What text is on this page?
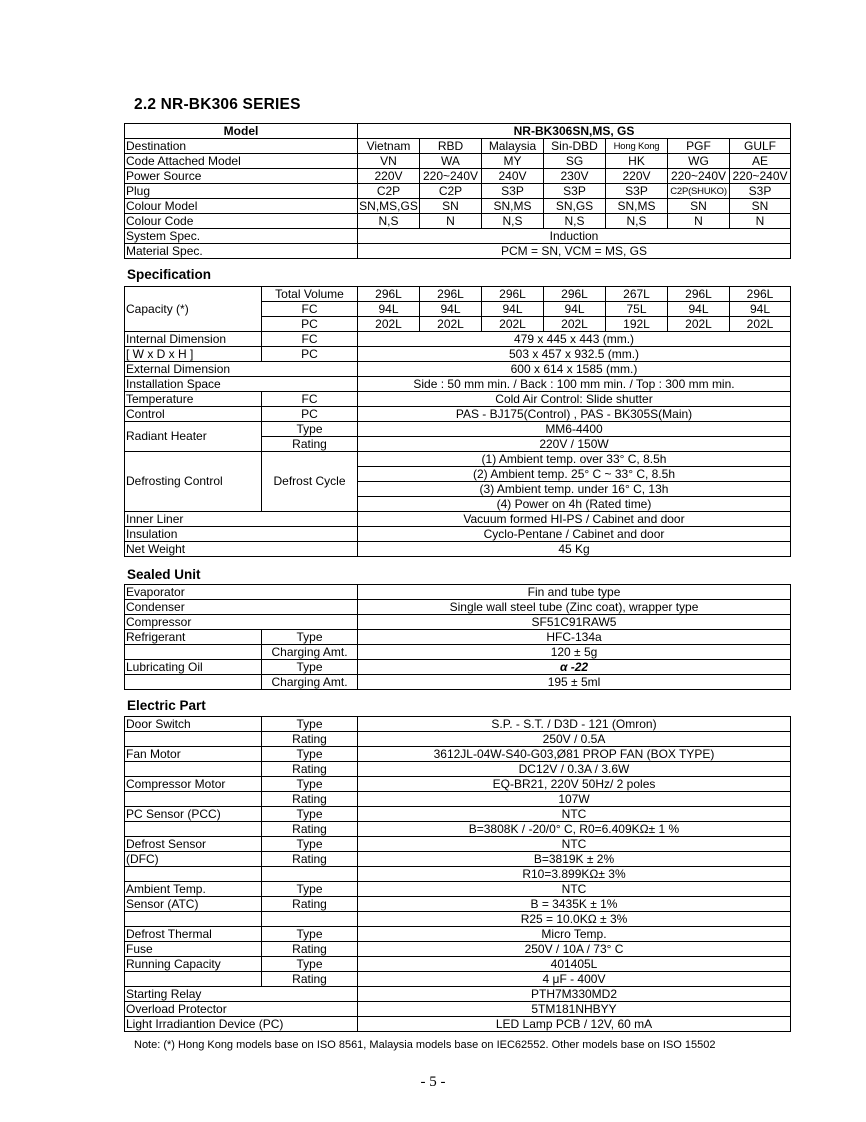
2.2 NR-BK306 SERIES
Model	NR-BK306SN,MS, GS						
Destination	Vietnam	RBD	Malaysia	Sin-DBD	Hong Kong	PGF	GULF
Code Attached Model	VN	WA	MY	SG	HK	WG	AE
Power Source	220V	220~240V	240V	230V	220V	220~240V	220~240V
Plug	C2P	C2P	S3P	S3P	S3P	C2P(SHUKO)	S3P
Colour Model	SN,MS,GS	SN	SN,MS	SN,GS	SN,MS	SN	SN
Colour Code	N,S	N	N,S	N,S	N,S	N	N
System Spec.	Induction						
Material Spec.	PCM = SN, VCM = MS, GS						
Specification
Capacity (*)	Total Volume	296L	296L	296L	296L	267L	296L	296L
	FC	94L	94L	94L	94L	75L	94L	94L
	PC	202L	202L	202L	202L	192L	202L	202L
Internal Dimension	FC	479 x 445 x 443 (mm.)						
[ W x D x H ]	PC	503 x 457 x 932.5 (mm.)						
External Dimension		600 x 614 x 1585 (mm.)						
Installation Space		Side : 50 mm min. / Back : 100 mm min. / Top : 300 mm min.						
Temperature	FC	Cold Air Control: Slide shutter						
Control	PC	PAS - BJ175(Control) , PAS - BK305S(Main)						
Radiant Heater	Type	MM6-4400						
	Rating	220V / 150W						
Defrosting Control	Defrost Cycle	(1) Ambient temp. over 33° C, 8.5h						
		(2) Ambient temp. 25° C ~ 33° C, 8.5h						
		(3) Ambient temp. under 16° C, 13h						
		(4) Power on 4h (Rated time)						
Inner Liner		Vacuum formed HI-PS / Cabinet and door						
Insulation		Cyclo-Pentane / Cabinet and door						
Net Weight		45 Kg						
Sealed Unit
Evaporator		Fin and tube type
Condenser		Single wall steel tube (Zinc coat), wrapper type
Compressor		SF51C91RAW5
Refrigerant	Type	HFC-134a
	Charging Amt.	120 ± 5g
Lubricating Oil	Type	α -22
	Charging Amt.	195 ± 5ml
Electric Part
Door Switch	Type	S.P. - S.T. / D3D - 121 (Omron)
	Rating	250V / 0.5A
Fan Motor	Type	3612JL-04W-S40-G03,Ø81 PROP FAN (BOX TYPE)
	Rating	DC12V / 0.3A / 3.6W
Compressor Motor	Type	EQ-BR21, 220V 50Hz/ 2 poles
	Rating	107W
PC Sensor (PCC)	Type	NTC
	Rating	B=3808K / -20/0° C, R0=6.409KΩ± 1 %
Defrost Sensor	Type	NTC
(DFC)	Rating	B=3819K ± 2%
		R10=3.899KΩ± 3%
Ambient Temp.	Type	NTC
Sensor (ATC)	Rating	B = 3435K ± 1%
		R25 = 10.0KΩ ± 3%
Defrost Thermal	Type	Micro Temp.
Fuse	Rating	250V / 10A / 73° C
Running Capacity	Type	401405L
	Rating	4 μF - 400V
Starting Relay		PTH7M330MD2
Overload Protector		5TM181NHBYY
Light Irradiantion Device (PC)		LED Lamp PCB / 12V, 60 mA
Note: (*) Hong Kong models base on ISO 8561, Malaysia models base on IEC62552. Other models base on ISO 15502
- 5 -
